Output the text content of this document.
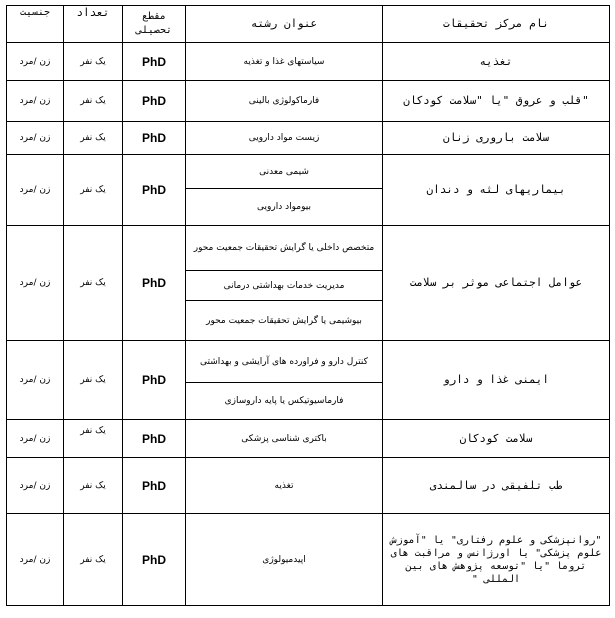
نام مرکز تحقیقات	عنوان رشته	مقطع تحصیلی	تعداد	جنسیت
تغذیه	سیاستهای غذا و تغذیه	PhD	یک نفر	زن /مرد
"قلب و عروق "یا "سلامت کودکان	فارماکولوژی بالینی	PhD	یک نفر	زن /مرد
سلامت باروری زنان	زیست مواد دارویی	PhD	یک نفر	زن /مرد
بیماریهای لثه و دندان	شیمی معدنی	PhD	یک نفر	زن /مرد
	بیومواد دارویی			
عوامل اجتماعی موثر بر سلامت	متخصص داخلی یا گرایش تحقیقات جمعیت محور	PhD	یک نفر	زن /مرد
	مدیریت خدمات بهداشتی درمانی			
	بیوشیمی یا گرایش تحقیقات جمعیت محور			
ایمنی غذا و دارو	کنترل دارو و فراورده های آرایشی و بهداشتی	PhD	یک نفر	زن /مرد
	فارماسیوتیکس یا پایه داروسازی			
سلامت کودکان	باکتری شناسی پزشکی	PhD	یک نفر	زن /مرد
طب تلفیقی در سالمندی	تغذیه	PhD	یک نفر	زن /مرد
"روانپزشکی و علوم رفتاری" یا "آموزش علوم پزشکی" یا اورژانس و مراقبت های تروما "یا "توسعه پژوهش های بین المللی "	اپیدمیولوژی	PhD	یک نفر	زن /مرد
